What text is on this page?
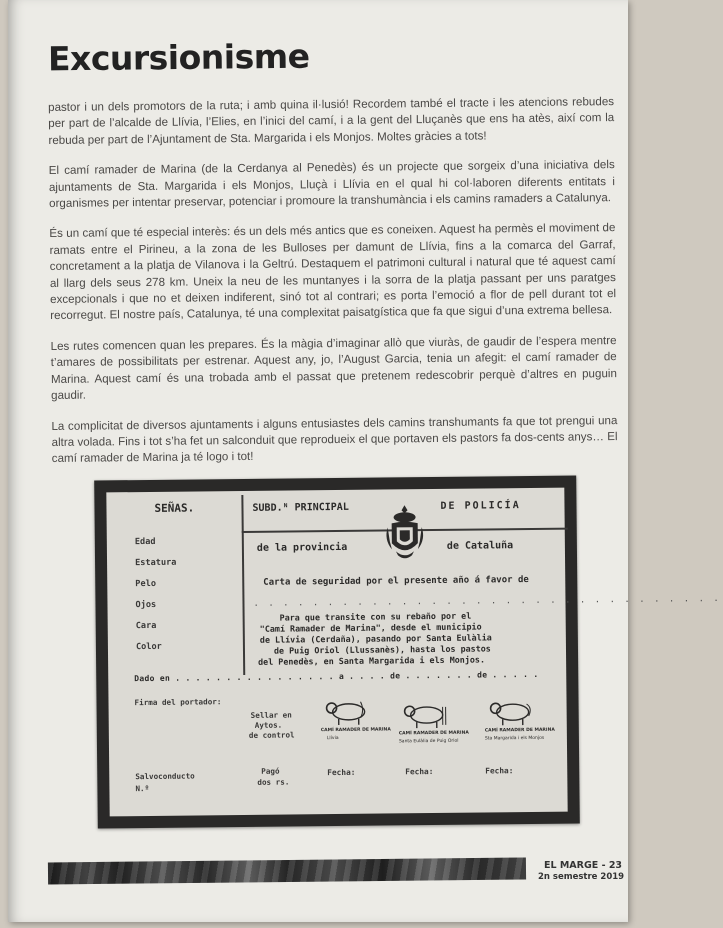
Excursionisme

pastor i un dels promotors de la ruta; i amb quina il·lusió! Recordem també el tracte i les atencions rebudes per part de l’alcalde de Llívia, l’Elies, en l’inici del camí, i a la gent del Lluçanès que ens ha atès, així com la rebuda per part de l’Ajuntament de Sta. Margarida i els Monjos. Moltes gràcies a tots!

El camí ramader de Marina (de la Cerdanya al Penedès) és un projecte que sorgeix d’una iniciativa dels ajuntaments de Sta. Margarida i els Monjos, Lluçà i Llívia en el qual hi col·laboren diferents entitats i organismes per intentar preservar, potenciar i promoure la transhumància i els camins ramaders a Catalunya.

És un camí que té especial interès: és un dels més antics que es coneixen. Aquest ha permès el moviment de ramats entre el Pirineu, a la zona de les Bulloses per damunt de Llívia, fins a la comarca del Garraf, concretament a la platja de Vilanova i la Geltrú. Destaquem el patrimoni cultural i natural que té aquest camí al llarg dels seus 278 km. Uneix la neu de les muntanyes i la sorra de la platja passant per uns paratges excepcionals i que no et deixen indiferent, sinó tot al contrari; es porta l’emoció a flor de pell durant tot el recorregut. El nostre país, Catalunya, té una complexitat paisatgística que fa que sigui d’una extrema bellesa.

Les rutes comencen quan les prepares. És la màgia d’imaginar allò que viuràs, de gaudir de l’espera mentre t’amares de possibilitats per estrenar. Aquest any, jo, l’August Garcia, tenia un afegit: el camí ramader de Marina. Aquest camí és una trobada amb el passat que pretenem redescobrir perquè d’altres en puguin gaudir.

La complicitat de diversos ajuntaments i alguns entusiastes dels camins transhumants fa que tot prengui una altra volada. Fins i tot s’ha fet un salconduit que reprodueix el que portaven els pastors fa dos-cents anys… El camí ramader de Marina ja té logo i tot!

SEÑAS.	SUBD.ᴺ PRINCIPAL	DE POLICÍA
Edad
Estatura
Pelo
Ojos
Cara
Color
de la provincia	de Cataluña
Carta de seguridad por el presente año á favor de
. . . . . . . . . . . . . . . . . . . . . . . . . . . . . . . .
Para que transite con su rebaño por el
"Camí Ramader de Marina", desde el municipio
de Llívia (Cerdaña), pasando por Santa Eulàlia
de Puig Oriol (Llussanès), hasta los pastos
del Penedès, en Santa Margarida i els Monjos.
Dado en . . . . . . . . . . . . . . . . a . . . . de . . . . . . . de . . . . .
Firma del portador:
Sellar en
Aytos.
de control
CAMÍ RAMADER DE MARINA
Llívia
CAMÍ RAMADER DE MARINA
Santa Eulàlia de Puig Oriol
CAMÍ RAMADER DE MARINA
Sta Margarida i els Monjos
Salvoconducto
N.º
Pagó
dos rs.
Fecha:	Fecha:	Fecha:
EL MARGE - 23
2n semestre 2019
